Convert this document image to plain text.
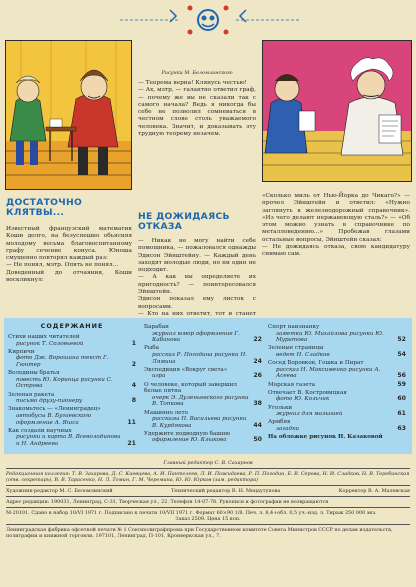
Рисунки М. Беломлинского
— Теорема верна! Клянусь честью!
— Ах, мэтр, — галантно ответил граф, — почему же вы не сказали так с самого начала? Ведь я никогда бы себе не позволил сомневаться в честном слове столь уважаемого человека. Значит, и доказывать эту трудную теорему незачем.
ДОСТАТОЧНО КЛЯТВЫ...
Известный французский математик Коши долго, на безуспешно обьясняя молодому весьма благовоспитанному графу сечение конуса. Юноша смущенно повторял каждый раз:
— Не понял, мэтр. Опять не понял...
Доведенный до отчаяния, Коши воскликнул:
НЕ ДОЖИДАЯСЬ ОТКАЗА
— Никак не могу найти себе помощника, — пожаловался однажды Эдисон Эйнштейну. — Каждый день заходят молодые люди, но ни один не подходит.
— А как вы определяете их пригодность? — поинтересовался Эйнштейн.
Эдисон показал ему листок с вопросами.
— Кто на них ответит, тот и станет
«Сколько миль от Нью-Йорка до Чикаго?» — прочел Эйнштейн и ответил: «Нужно заглянуть в железнодорожный справочник». «Из чего делают нержавеющую сталь?» — «Об этом можно узнать в справочнике по металловедению...» Пробежав глазами остальные вопросы, Эйнштейн сказал:
— Не дожидаясь отказа, свою кандидатуру снимаю сам.
СОДЕРЖАНИЕ
Стихи наших читателей
рисунок Т. Соловьевой	1
Кирпичи
фото Дж. Ворошина текст Г. Гюнтер	2
Володины братья
повесть Ю. Коринца рисунки С. Острова	4
Зеленая ракета
письмо друзу-пионеру	8
Знакомьтесь — «Ленинградец»
автобусы В. Бугаевского оформление А. Яшса	11
Как создали научных
рисунки и карта В. Всеволодинова и Н. Андреева	21
Барабан
журнал юмор оформление Г. Кабанова	22
Рыба
рассказ Р. Погодина рисунки Н. Лямина	24
Экспедиция «Вокруг света»
игра	26
О человеке, который завершил белые пятна
очерк Э. Дуленьевского рисунки В. Топкова	38
Машинно лето
рассказы П. Васильева рисунки В. Курдякова	44
Удержите подводную башню
оформление Ю. Клыкова	50
Спорт наизнанку
заметки Ю. Михайлова рисунки Ю. Муратова	52
Зеленые страницы
ведет Н. Сладков	54
Сосед Боровков, Гошка и Пират
рассказ Н. Максименко рисунки А. Асеева	56
Морская газета	59
Отвечает В. Костровицкая
фото Ю. Кольчик	60
Угольки
журнал для малышей	61
Армбяв
загадки	63
На обложке рисунок Н. Казаковой
Главный редактор С. В. Сахарнов
Редакционная коллегия: Т. В. Захарова, Д. С. Киевцева, А. И. Пантелеев, Л. И. Пожидаева, Р. П. Погодин, Е. В. Серова, Н. И. Сладков, Н. В. Теребинская (отв. секретарь), В. В. Тарасенко, Н. Л. Томин, Г. М. Черемина, Ю. Ю. Юрков (зам. редактора)
Художник-редактор М. С. Беломлинский	Технический редактор В. Н. Мецаутупова	Корректор В. А. Малевская
Адрес редакции: 190031, Ленинград, С-31, Творческая ул., 22. Телефон 14-07-78. Рукописи и фотографии не возвращаются
М-20101. Сдано в набор 10/VI 1971 г. Подписано к печати 10/VII 1971 г. Формат 60×90 1/8. Печ. л. 8,4+обл. 0,5 уч.-изд. л. Тираж 350 000 экз.
Заказ 2509. Цена 15 коп.
Ленинградская фабрика офсетной печати № 1 Союзполиграфпрома при Государственном комитете Совета Министров СССР по делам издательств, полиграфии и книжной торговли. 197101, Ленинград, П-101, Кронверкская ул., 7.
